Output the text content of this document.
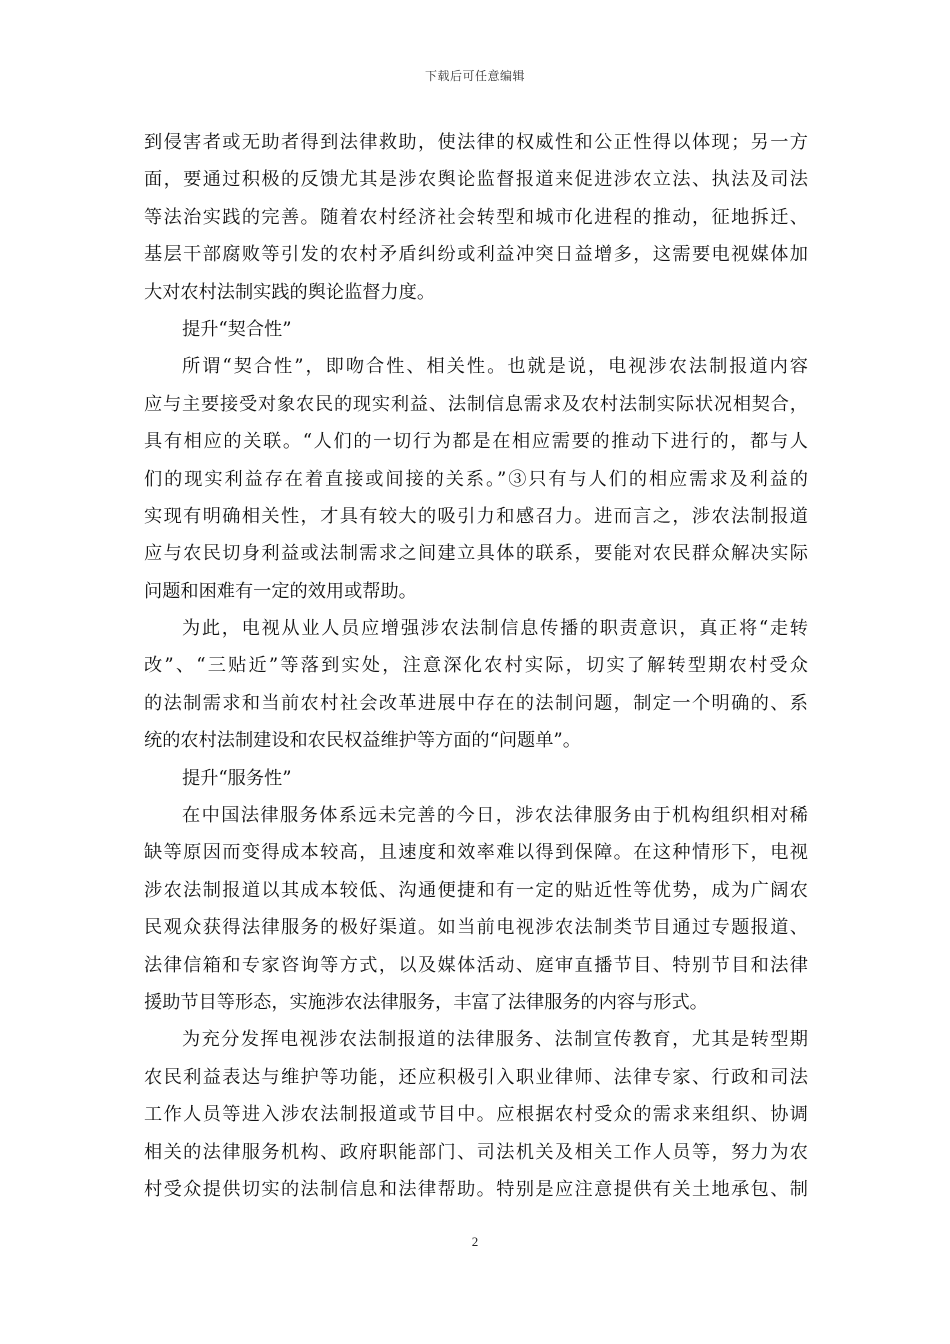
下载后可任意编辑
到侵害者或无助者得到法律救助，使法律的权威性和公正性得以体现；另一方
面，要通过积极的反馈尤其是涉农舆论监督报道来促进涉农立法、执法及司法
等法治实践的完善。随着农村经济社会转型和城市化进程的推动，征地拆迁、
基层干部腐败等引发的农村矛盾纠纷或利益冲突日益增多，这需要电视媒体加
大对农村法制实践的舆论监督力度。
提升“契合性”
所谓“契合性”，即吻合性、相关性。也就是说，电视涉农法制报道内容
应与主要接受对象农民的现实利益、法制信息需求及农村法制实际状况相契合，
具有相应的关联。“人们的一切行为都是在相应需要的推动下进行的，都与人
们的现实利益存在着直接或间接的关系。”③只有与人们的相应需求及利益的
实现有明确相关性，才具有较大的吸引力和感召力。进而言之，涉农法制报道
应与农民切身利益或法制需求之间建立具体的联系，要能对农民群众解决实际
问题和困难有一定的效用或帮助。
为此，电视从业人员应增强涉农法制信息传播的职责意识，真正将“走转
改”、“三贴近”等落到实处，注意深化农村实际，切实了解转型期农村受众
的法制需求和当前农村社会改革进展中存在的法制问题，制定一个明确的、系
统的农村法制建设和农民权益维护等方面的“问题单”。
提升“服务性”
在中国法律服务体系远未完善的今日，涉农法律服务由于机构组织相对稀
缺等原因而变得成本较高，且速度和效率难以得到保障。在这种情形下，电视
涉农法制报道以其成本较低、沟通便捷和有一定的贴近性等优势，成为广阔农
民观众获得法律服务的极好渠道。如当前电视涉农法制类节目通过专题报道、
法律信箱和专家咨询等方式，以及媒体活动、庭审直播节目、特别节目和法律
援助节目等形态，实施涉农法律服务，丰富了法律服务的内容与形式。
为充分发挥电视涉农法制报道的法律服务、法制宣传教育，尤其是转型期
农民利益表达与维护等功能，还应积极引入职业律师、法律专家、行政和司法
工作人员等进入涉农法制报道或节目中。应根据农村受众的需求来组织、协调
相关的法律服务机构、政府职能部门、司法机关及相关工作人员等，努力为农
村受众提供切实的法制信息和法律帮助。特别是应注意提供有关土地承包、制
2
